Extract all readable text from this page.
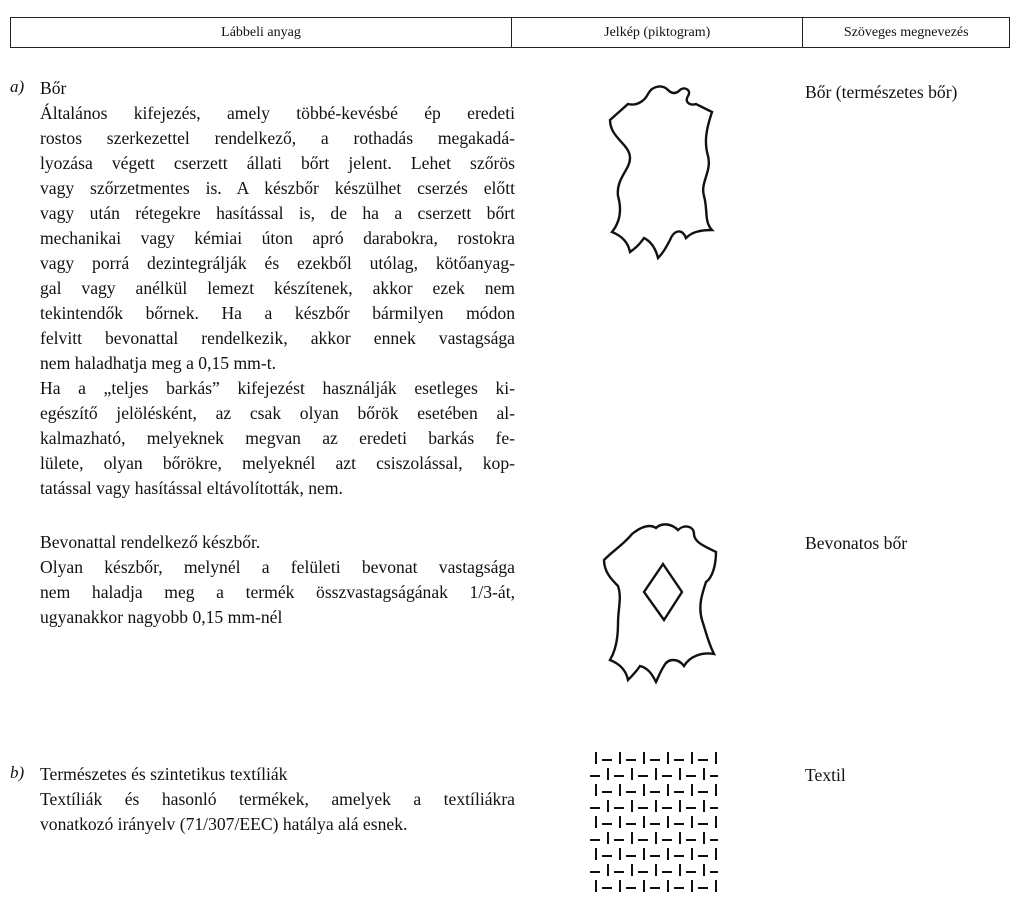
Lábbeli anyag	Jelkép (piktogram)	Szöveges megnevezés
a) Bőr
Általános kifejezés, amely többé-kevésbé ép eredeti
rostos szerkezettel rendelkező, a rothadás megakadá-
lyozása végett cserzett állati bőrt jelent. Lehet szőrös
vagy szőrzetmentes is. A készbőr készülhet cserzés előtt
vagy után rétegekre hasítással is, de ha a cserzett bőrt
mechanikai vagy kémiai úton apró darabokra, rostokra
vagy porrá dezintegrálják és ezekből utólag, kötőanyag-
gal vagy anélkül lemezt készítenek, akkor ezek nem
tekintendők bőrnek. Ha a készbőr bármilyen módon
felvitt bevonattal rendelkezik, akkor ennek vastagsága
nem haladhatja meg a 0,15 mm-t.
Ha a „teljes barkás” kifejezést használják esetleges ki-
egészítő jelölésként, az csak olyan bőrök esetében al-
kalmazható, melyeknek megvan az eredeti barkás fe-
lülete, olyan bőrökre, melyeknél azt csiszolással, kop-
tatással vagy hasítással eltávolították, nem.
Bőr (természetes bőr)
Bevonattal rendelkező készbőr.
Olyan készbőr, melynél a felületi bevonat vastagsága
nem haladja meg a termék összvastagságának 1/3-át,
ugyanakkor nagyobb 0,15 mm-nél
Bevonatos bőr
b) Természetes és szintetikus textíliák
Textíliák és hasonló termékek, amelyek a textíliákra
vonatkozó irányelv (71/307/EEC) hatálya alá esnek.
Textil
